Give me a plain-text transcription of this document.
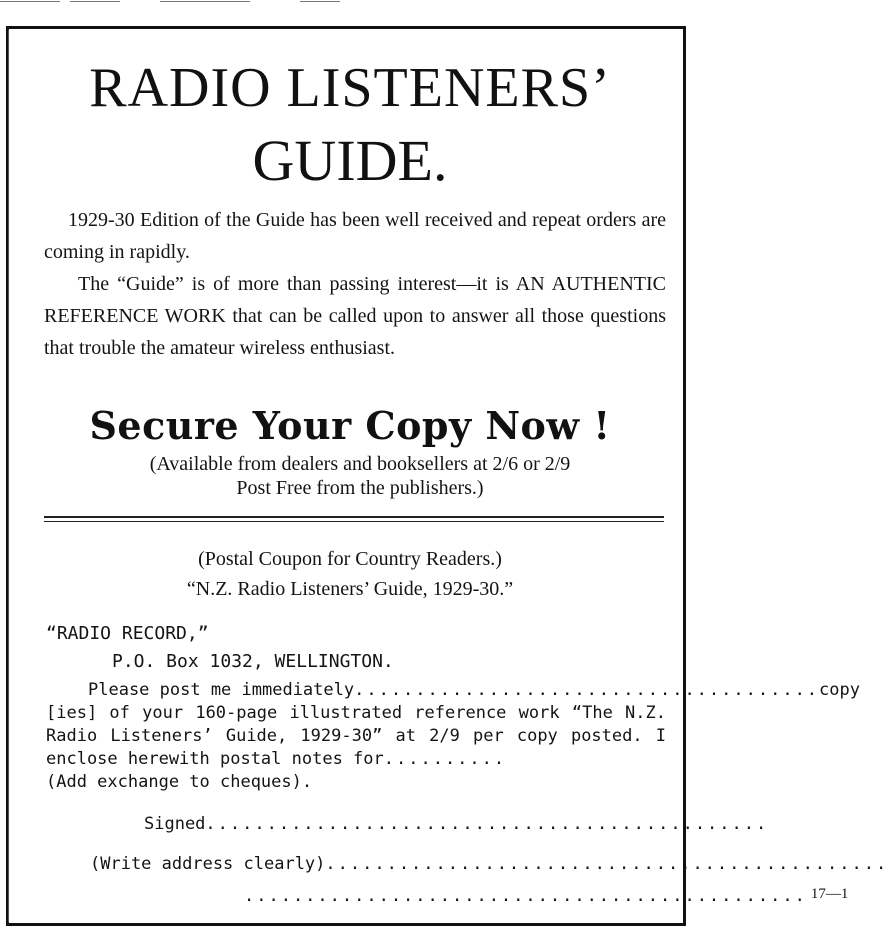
RADIO LISTENERS’
GUIDE.
1929-30 Edition of the Guide has been well received and repeat orders are coming in rapidly.
The “Guide” is of more than passing interest—it is AN AUTHENTIC REFERENCE WORK that can be called upon to answer all those questions that trouble the amateur wireless enthusiast.
Secure Your Copy Now !
(Available from dealers and booksellers at 2/6 or 2/9
Post Free from the publishers.)
(Postal Coupon for Country Readers.)
“N.Z. Radio Listeners’ Guide, 1929-30.”
“RADIO RECORD,”
P.O. Box 1032, WELLINGTON.
Please post me immediately ...................................... copy
[ies] of your 160-page illustrated reference work “The N.Z. Radio Listeners’ Guide, 1929-30” at 2/9 per copy posted. I enclose herewith postal notes for..........
(Add exchange to cheques).
Signed ..............................................
(Write address clearly) ..............................................
.............................................. 17—1
